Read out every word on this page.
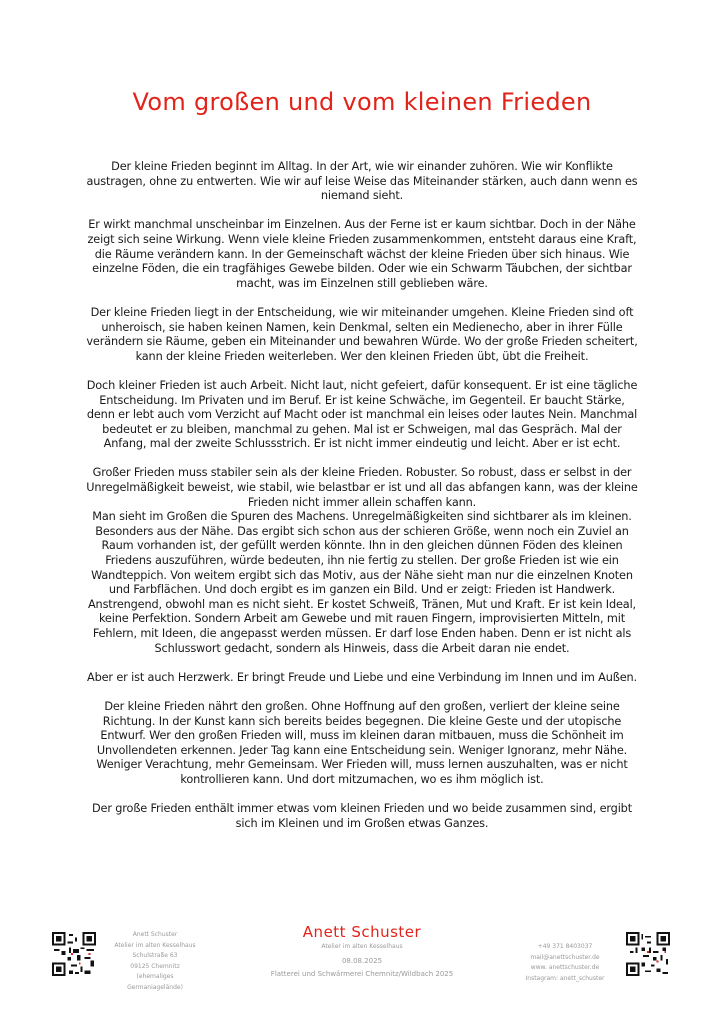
Vom großen und vom kleinen Frieden

Der kleine Frieden beginnt im Alltag. In der Art, wie wir einander zuhören. Wie wir Konflikte austragen, ohne zu entwerten. Wie wir auf leise Weise das Miteinander stärken, auch dann wenn es niemand sieht.

Er wirkt manchmal unscheinbar im Einzelnen. Aus der Ferne ist er kaum sichtbar. Doch in der Nähe zeigt sich seine Wirkung. Wenn viele kleine Frieden zusammenkommen, entsteht daraus eine Kraft, die Räume verändern kann. In der Gemeinschaft wächst der kleine Frieden über sich hinaus. Wie einzelne Föden, die ein tragfähiges Gewebe bilden. Oder wie ein Schwarm Täubchen, der sichtbar macht, was im Einzelnen still geblieben wäre.

Der kleine Frieden liegt in der Entscheidung, wie wir miteinander umgehen. Kleine Frieden sind oft unheroisch, sie haben keinen Namen, kein Denkmal, selten ein Medienecho, aber in ihrer Fülle verändern sie Räume, geben ein Miteinander und bewahren Würde. Wo der große Frieden scheitert, kann der kleine Frieden weiterleben. Wer den kleinen Frieden übt, übt die Freiheit.

Doch kleiner Frieden ist auch Arbeit. Nicht laut, nicht gefeiert, dafür konsequent. Er ist eine tägliche Entscheidung. Im Privaten und im Beruf. Er ist keine Schwäche, im Gegenteil. Er baucht Stärke, denn er lebt auch vom Verzicht auf Macht oder ist manchmal ein leises oder lautes Nein. Manchmal bedeutet er zu bleiben, manchmal zu gehen. Mal ist er Schweigen, mal das Gespräch. Mal der Anfang, mal der zweite Schlussstrich. Er ist nicht immer eindeutig und leicht. Aber er ist echt.

Großer Frieden muss stabiler sein als der kleine Frieden. Robuster. So robust, dass er selbst in der Unregelmäßigkeit beweist, wie stabil, wie belastbar er ist und all das abfangen kann, was der kleine Frieden nicht immer allein schaffen kann.

Man sieht im Großen die Spuren des Machens. Unregelmäßigkeiten sind sichtbarer als im kleinen. Besonders aus der Nähe. Das ergibt sich schon aus der schieren Größe, wenn noch ein Zuviel an Raum vorhanden ist, der gefüllt werden könnte. Ihn in den gleichen dünnen Föden des kleinen Friedens auszuführen, würde bedeuten, ihn nie fertig zu stellen. Der große Frieden ist wie ein Wandteppich. Von weitem ergibt sich das Motiv, aus der Nähe sieht man nur die einzelnen Knoten und Farbflächen. Und doch ergibt es im ganzen ein Bild. Und er zeigt: Frieden ist Handwerk. Anstrengend, obwohl man es nicht sieht. Er kostet Schweiß, Tränen, Mut und Kraft. Er ist kein Ideal, keine Perfektion. Sondern Arbeit am Gewebe und mit rauen Fingern, improvisierten Mitteln, mit Fehlern, mit Ideen, die angepasst werden müssen. Er darf lose Enden haben. Denn er ist nicht als Schlusswort gedacht, sondern als Hinweis, dass die Arbeit daran nie endet.

Aber er ist auch Herzwerk. Er bringt Freude und Liebe und eine Verbindung im Innen und im Außen.

Der kleine Frieden nährt den großen. Ohne Hoffnung auf den großen, verliert der kleine seine Richtung. In der Kunst kann sich bereits beides begegnen. Die kleine Geste und der utopische Entwurf. Wer den großen Frieden will, muss im kleinen daran mitbauen, muss die Schönheit im Unvollendeten erkennen. Jeder Tag kann eine Entscheidung sein. Weniger Ignoranz, mehr Nähe. Weniger Verachtung, mehr Gemeinsam. Wer Frieden will, muss lernen auszuhalten, was er nicht kontrollieren kann. Und dort mitzumachen, wo es ihm möglich ist.

Der große Frieden enthält immer etwas vom kleinen Frieden und wo beide zusammen sind, ergibt sich im Kleinen und im Großen etwas Ganzes.

Anett Schuster
Atelier im alten Kesselhaus
Schulstraße 63
09125 Chemnitz
(ehemaliges Germaniagelände)
Anett Schuster
Atelier im alten Kesselhaus
08.08.2025
Flatterei und Schwärmerei Chemnitz/Wildbach 2025
+49 371 8403037
mail@anettschuster.de
www. anettschuster.de
Instagram: anett_schuster
